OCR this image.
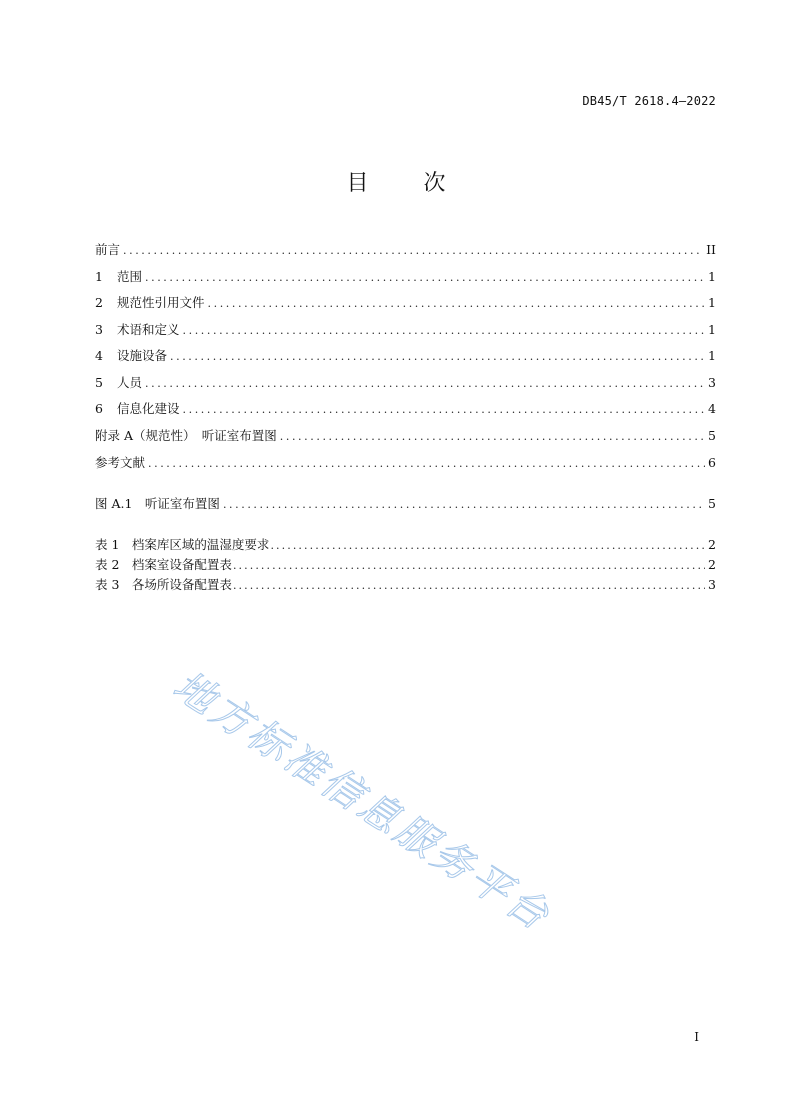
DB45/T 2618.4—2022
目	次
前言 .....	II
1	范围 .....	1
2	规范性引用文件 .....	1
3	术语和定义 .....	1
4	设施设备 .....	1
5	人员 .....	3
6	信息化建设 .....	4
附录 A（规范性）　听证室布置图 .....	5
参考文献 .....	6
图 A.1　听证室布置图 .....	5
表 1　档案库区域的温湿度要求 .....	2
表 2　档案室设备配置表 .....	2
表 3　各场所设备配置表 .....	3
地方标准信息服务平台
I
